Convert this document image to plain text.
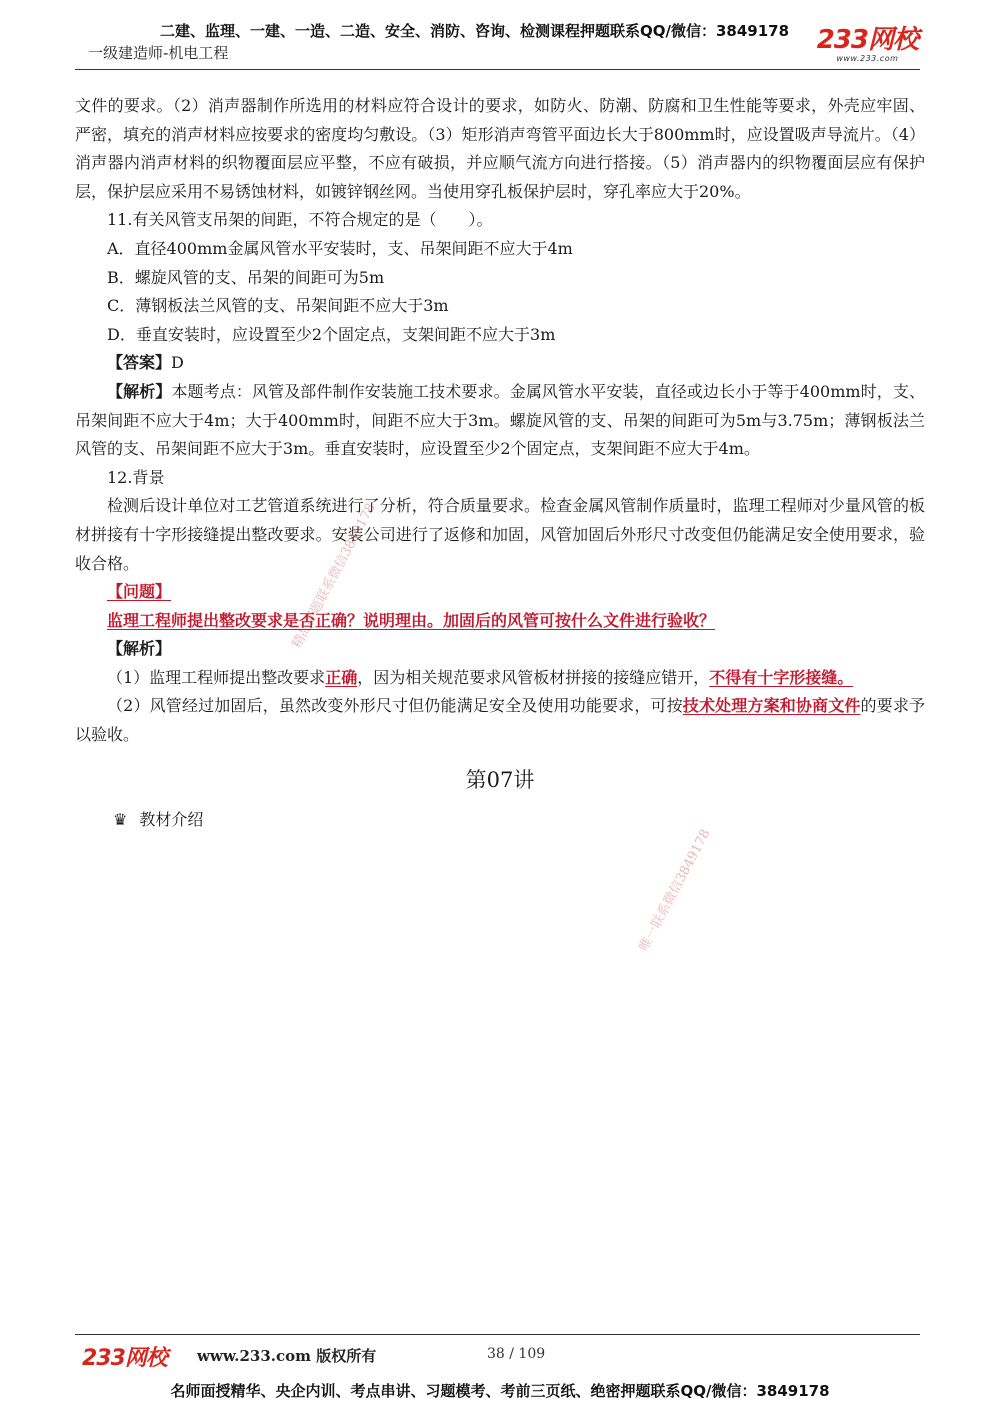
二建、监理、一建、一造、二造、安全、消防、咨询、检测课程押题联系QQ/微信：3849178
一级建造师-机电工程	233网校
www.233.com

文件的要求。（2）消声器制作所选用的材料应符合设计的要求，如防火、防潮、防腐和卫生性能等要求，外壳应牢固、严密，填充的消声材料应按要求的密度均匀敷设。（3）矩形消声弯管平面边长大于800mm时，应设置吸声导流片。（4）消声器内消声材料的织物覆面层应平整，不应有破损，并应顺气流方向进行搭接。（5）消声器内的织物覆面层应有保护层，保护层应采用不易锈蚀材料，如镀锌钢丝网。当使用穿孔板保护层时，穿孔率应大于20%。

11.有关风管支吊架的间距，不符合规定的是（　　）。

A．直径400mm金属风管水平安装时，支、吊架间距不应大于4m

B．螺旋风管的支、吊架的间距可为5m

C．薄钢板法兰风管的支、吊架间距不应大于3m

D．垂直安装时，应设置至少2个固定点，支架间距不应大于3m

【答案】D

【解析】本题考点：风管及部件制作安装施工技术要求。金属风管水平安装，直径或边长小于等于400mm时，支、吊架间距不应大于4m；大于400mm时，间距不应大于3m。螺旋风管的支、吊架的间距可为5m与3.75m；薄钢板法兰风管的支、吊架间距不应大于3m。垂直安装时，应设置至少2个固定点，支架间距不应大于4m。

12.背景

检测后设计单位对工艺管道系统进行了分析，符合质量要求。检查金属风管制作质量时，监理工程师对少量风管的板材拼接有十字形接缝提出整改要求。安装公司进行了返修和加固，风管加固后外形尺寸改变但仍能满足安全使用要求，验收合格。

【问题】

监理工程师提出整改要求是否正确？说明理由。加固后的风管可按什么文件进行验收？

【解析】

（1）监理工程师提出整改要求正确，因为相关规范要求风管板材拼接的接缝应错开，不得有十字形接缝。

（2）风管经过加固后，虽然改变外形尺寸但仍能满足安全及使用功能要求，可按技术处理方案和协商文件的要求予以验收。

第07讲

♛ 教材介绍

精品押题联系微信3849178
唯一联系微信3849178
233网校 www.233.com 版权所有	38 / 109
名师面授精华、央企内训、考点串讲、习题模考、考前三页纸、绝密押题联系QQ/微信：3849178
